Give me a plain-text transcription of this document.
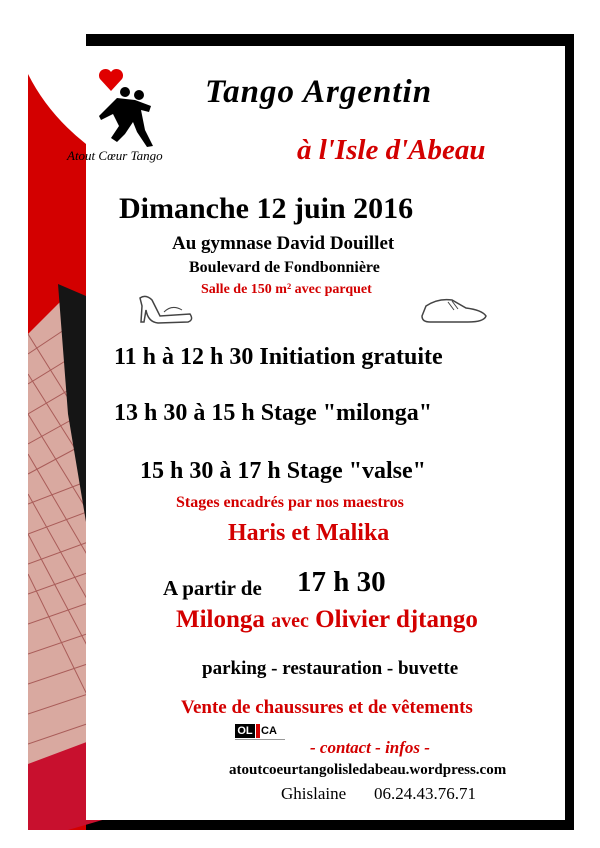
Atout Cœur Tango
Tango Argentin
à l'Isle d'Abeau
Dimanche 12 juin 2016
Au gymnase David Douillet
Boulevard de Fondbonnière
Salle de 150 m² avec parquet
11 h à 12 h 30 Initiation gratuite
13 h 30 à 15 h Stage "milonga"
15 h 30 à 17 h Stage "valse"
Stages encadrés par nos maestros
Haris et Malika
A partir de 17 h 30
Milonga avec Olivier djtango
parking - restauration - buvette
Vente de chaussures et de vêtements
OL CA
- contact - infos -
atoutcoeurtangolisledabeau.wordpress.com
Ghislaine 06.24.43.76.71
